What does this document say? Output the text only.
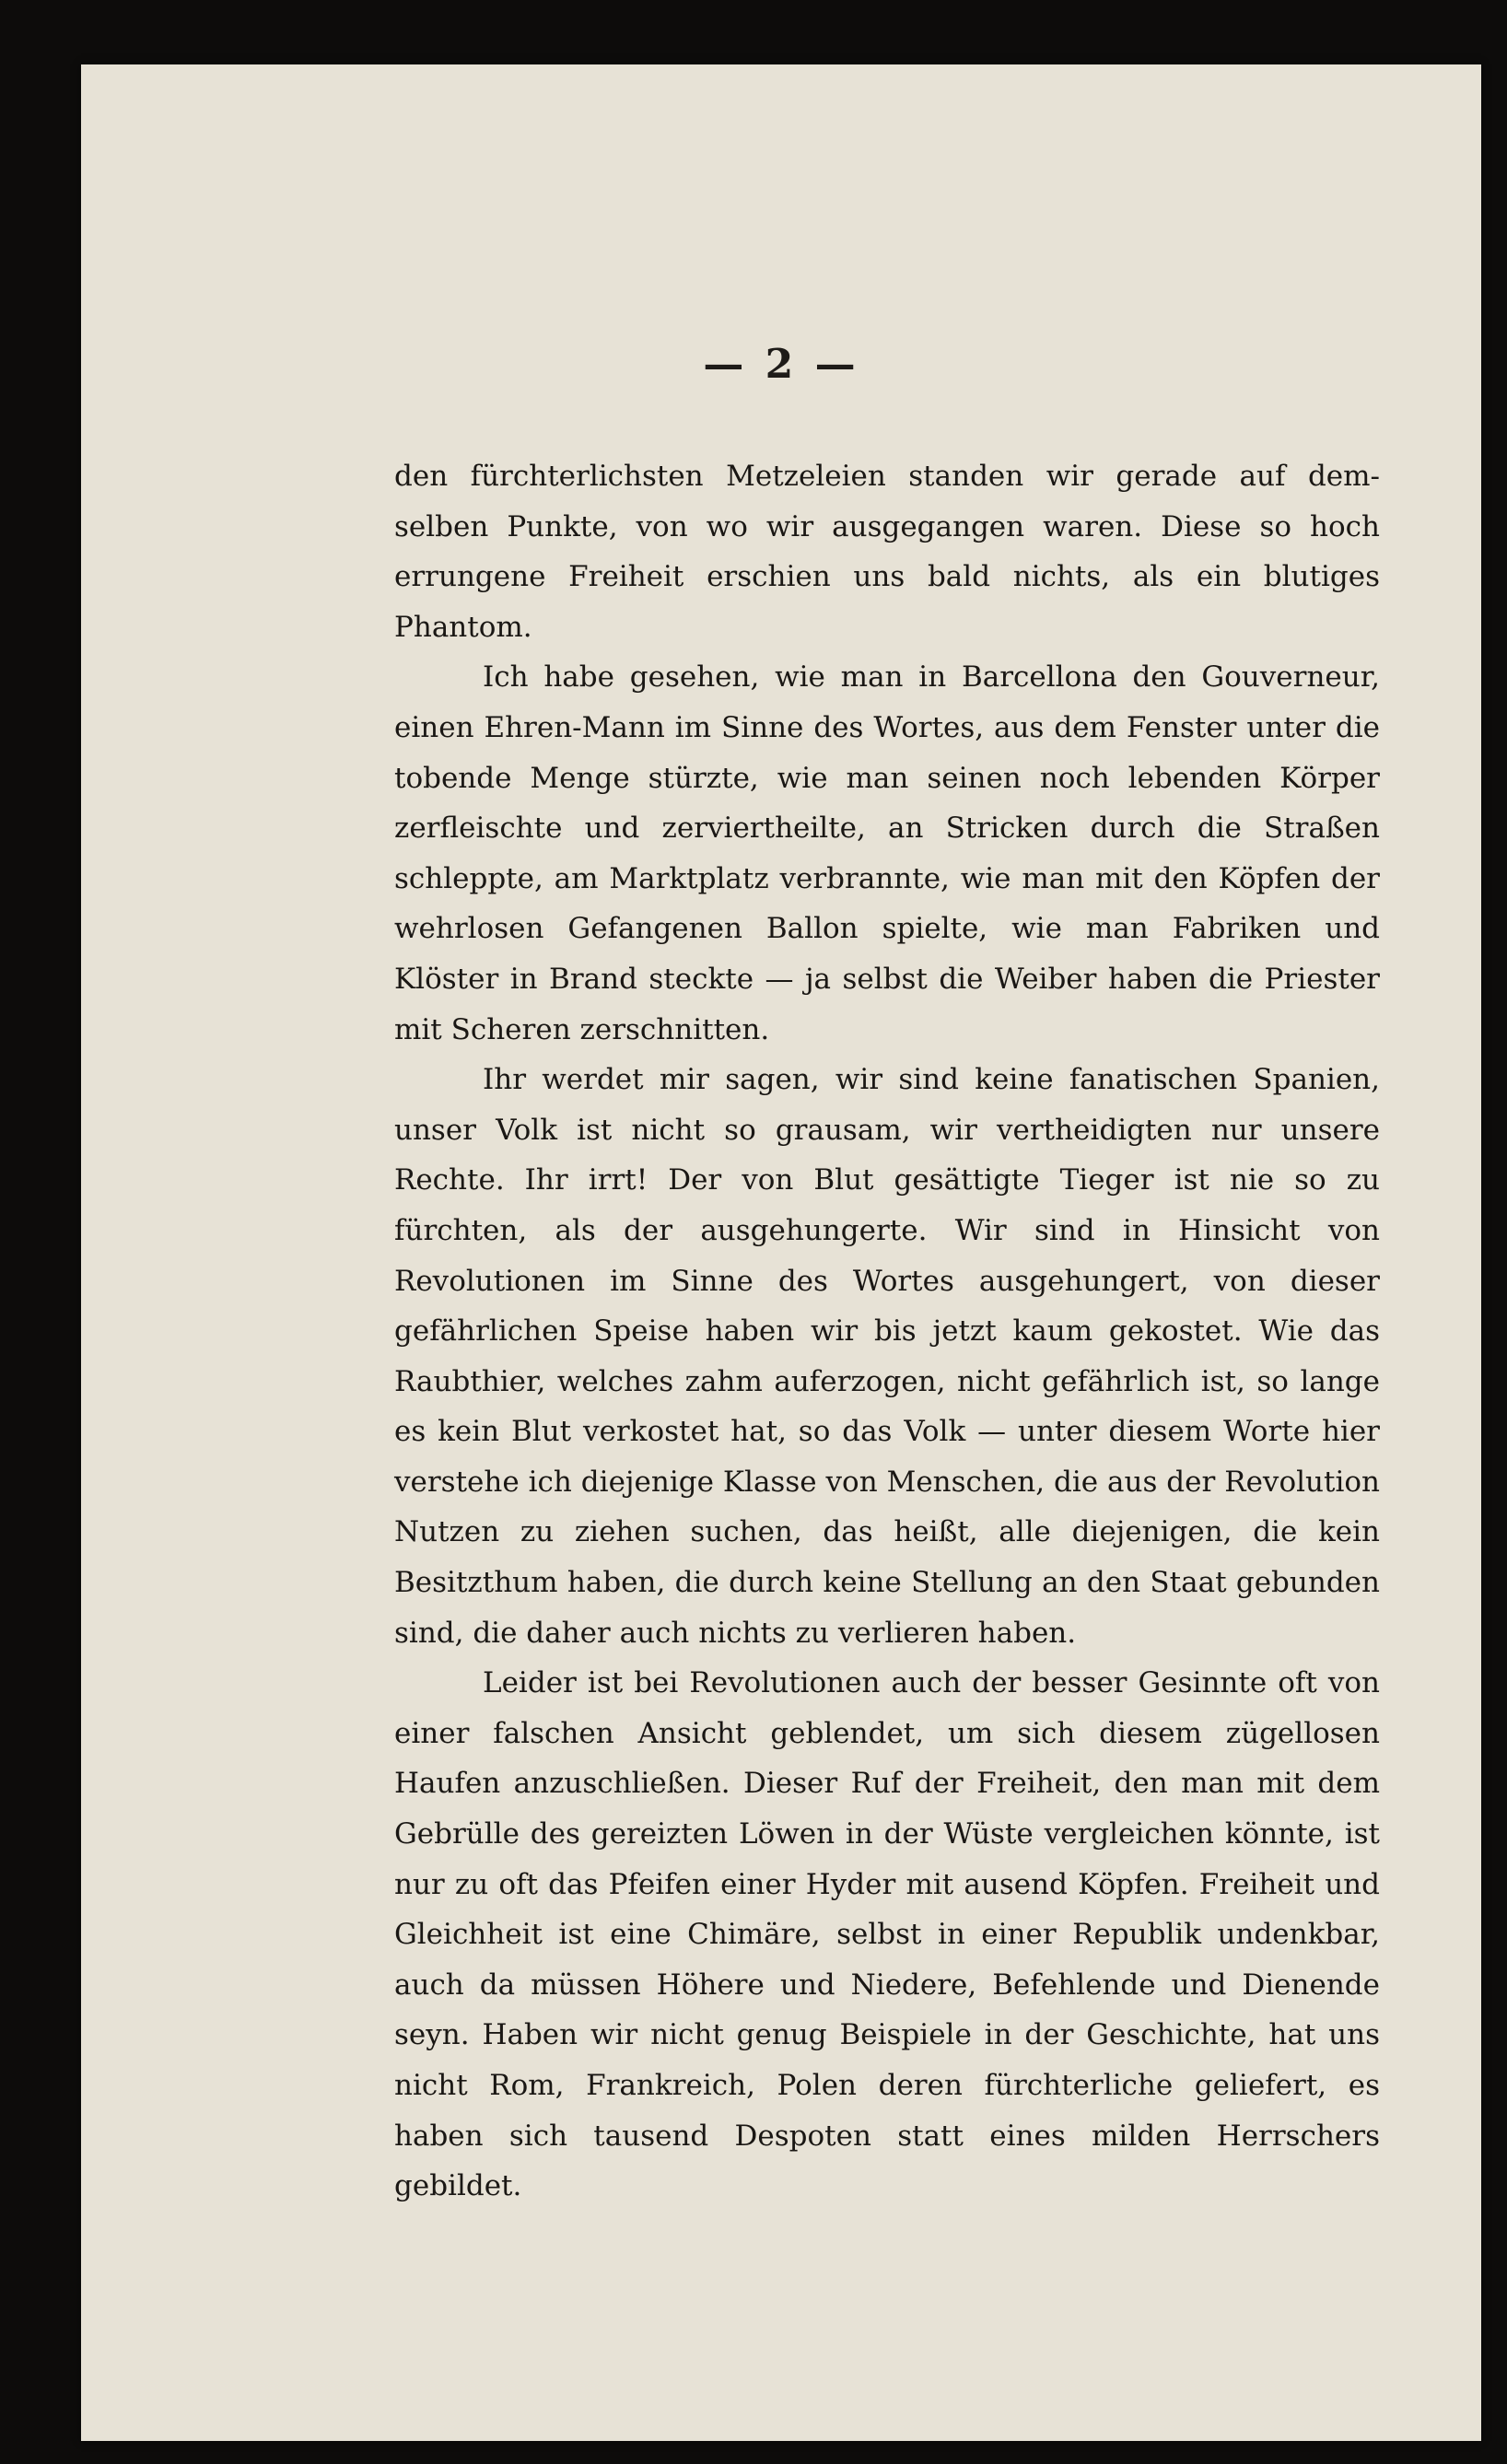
— 2 —

den fürchterlichsten Metzeleien standen wir gerade auf dem-selben Punkte, von wo wir ausgegangen waren. Diese so hoch errungene Freiheit erschien uns bald nichts, als ein blutiges Phantom.

Ich habe gesehen, wie man in Barcellona den Gouverneur, einen Ehren-Mann im Sinne des Wortes, aus dem Fenster unter die tobende Menge stürzte, wie man seinen noch lebenden Körper zerfleischte und zerviertheilte, an Stricken durch die Straßen schleppte, am Marktplatz verbrannte, wie man mit den Köpfen der wehrlosen Gefangenen Ballon spielte, wie man Fabriken und Klöster in Brand steckte — ja selbst die Weiber haben die Priester mit Scheren zerschnitten.

Ihr werdet mir sagen, wir sind keine fanatischen Spanien, unser Volk ist nicht so grausam, wir vertheidigten nur unsere Rechte. Ihr irrt! Der von Blut gesättigte Tieger ist nie so zu fürchten, als der ausgehungerte. Wir sind in Hinsicht von Revolutionen im Sinne des Wortes ausgehungert, von dieser gefährlichen Speise haben wir bis jetzt kaum gekostet. Wie das Raubthier, welches zahm auferzogen, nicht gefährlich ist, so lange es kein Blut verkostet hat, so das Volk — unter diesem Worte hier verstehe ich diejenige Klasse von Menschen, die aus der Revolution Nutzen zu ziehen suchen, das heißt, alle diejenigen, die kein Besitzthum haben, die durch keine Stellung an den Staat gebunden sind, die daher auch nichts zu verlieren haben.

Leider ist bei Revolutionen auch der besser Gesinnte oft von einer falschen Ansicht geblendet, um sich diesem zügellosen Haufen anzuschließen. Dieser Ruf der Freiheit, den man mit dem Gebrülle des gereizten Löwen in der Wüste vergleichen könnte, ist nur zu oft das Pfeifen einer Hyder mit ausend Köpfen. Freiheit und Gleichheit ist eine Chimäre, selbst in einer Republik undenkbar, auch da müssen Höhere und Niedere, Befehlende und Dienende seyn. Haben wir nicht genug Beispiele in der Geschichte, hat uns nicht Rom, Frankreich, Polen deren fürchterliche geliefert, es haben sich tausend Despoten statt eines milden Herrschers gebildet.
